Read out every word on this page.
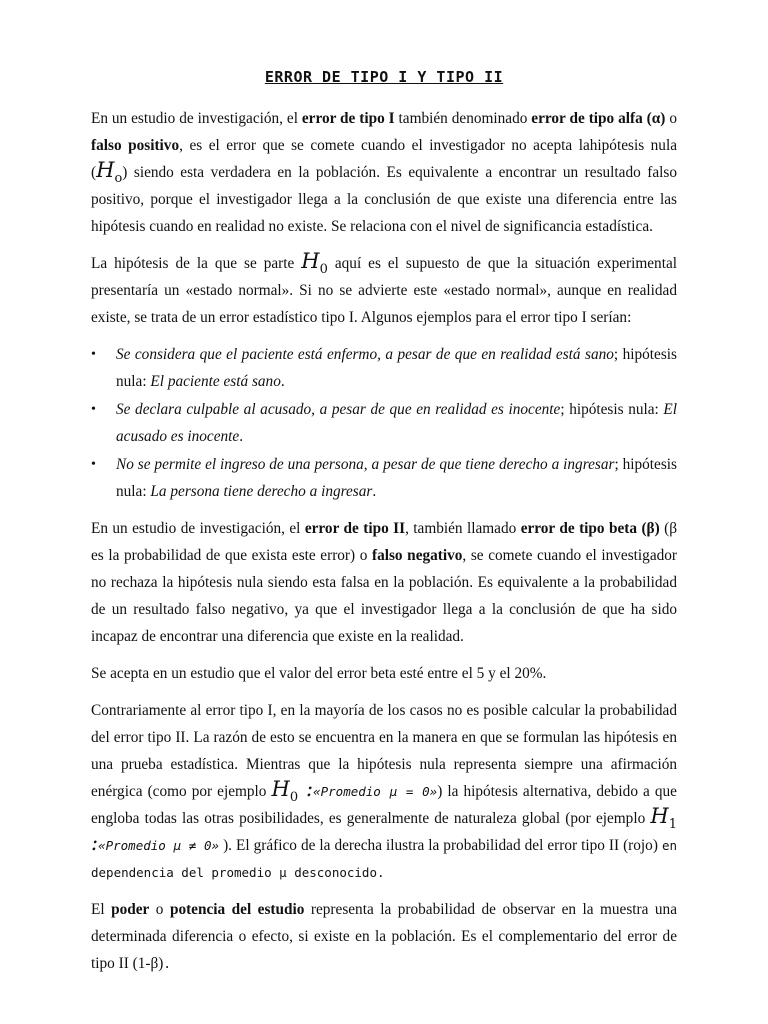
ERROR DE TIPO I Y TIPO II

En un estudio de investigación, el error de tipo I también denominado error de tipo alfa (α) o falso positivo, es el error que se comete cuando el investigador no acepta lahipótesis nula $(H_o)$ siendo esta verdadera en la población. Es equivalente a encontrar un resultado falso positivo, porque el investigador llega a la conclusión de que existe una diferencia entre las hipótesis cuando en realidad no existe. Se relaciona con el nivel de significancia estadística.

La hipótesis de la que se parte $H_0$ aquí es el supuesto de que la situación experimental presentaría un «estado normal». Si no se advierte este «estado normal», aunque en realidad existe, se trata de un error estadístico tipo I. Algunos ejemplos para el error tipo I serían:

• Se considera que el paciente está enfermo, a pesar de que en realidad está sano; hipótesis nula: El paciente está sano.
• Se declara culpable al acusado, a pesar de que en realidad es inocente; hipótesis nula: El acusado es inocente.
• No se permite el ingreso de una persona, a pesar de que tiene derecho a ingresar; hipótesis nula: La persona tiene derecho a ingresar.

En un estudio de investigación, el error de tipo II, también llamado error de tipo beta (β) (β es la probabilidad de que exista este error) o falso negativo, se comete cuando el investigador no rechaza la hipótesis nula siendo esta falsa en la población. Es equivalente a la probabilidad de un resultado falso negativo, ya que el investigador llega a la conclusión de que ha sido incapaz de encontrar una diferencia que existe en la realidad.

Se acepta en un estudio que el valor del error beta esté entre el 5 y el 20%.

Contrariamente al error tipo I, en la mayoría de los casos no es posible calcular la probabilidad del error tipo II. La razón de esto se encuentra en la manera en que se formulan las hipótesis en una prueba estadística. Mientras que la hipótesis nula representa siempre una afirmación enérgica (como por ejemplo $H_0$ :«Promedio μ = 0») la hipótesis alternativa, debido a que engloba todas las otras posibilidades, es generalmente de naturaleza global (por ejemplo $H_1$ :«Promedio μ ≠ 0» ). El gráfico de la derecha ilustra la probabilidad del error tipo II (rojo) en dependencia del promedio μ desconocido.

El poder o potencia del estudio representa la probabilidad de observar en la muestra una determinada diferencia o efecto, si existe en la población. Es el complementario del error de tipo II (1-β).
